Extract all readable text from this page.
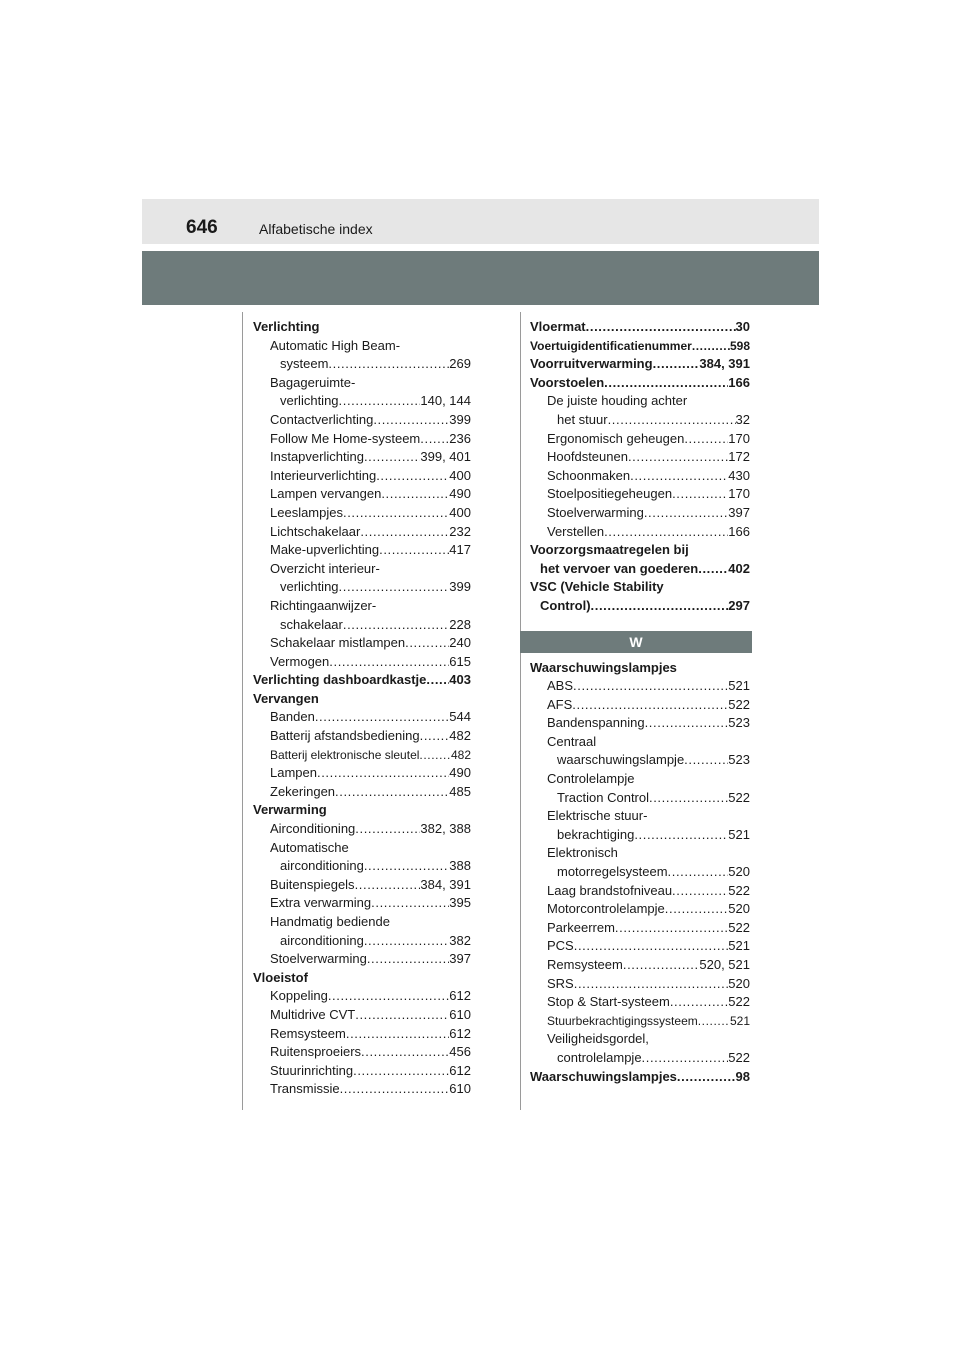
646	Alfabetische index
Verlichting
Automatic High Beam-
systeem .....	269
Bagageruimte-
verlichting .....	140, 144
Contactverlichting .....	399
Follow Me Home-systeem ..... 236
Instapverlichting .....	399, 401
Interieurverlichting .....	400
Lampen vervangen .....	490
Leeslampjes .....	400
Lichtschakelaar .....	232
Make-upverlichting .....	417
Overzicht interieur-
verlichting .....	399
Richtingaanwijzer-
schakelaar .....	228
Schakelaar mistlampen .....	240
Vermogen .....	615
Verlichting dashboardkastje ..... 403
Vervangen
Banden .....	544
Batterij afstandsbediening ..... 482
Batterij elektronische sleutel .....	482
Lampen .....	490
Zekeringen .....	485
Verwarming
Airconditioning .....	382, 388
Automatische
airconditioning .....	388
Buitenspiegels .....	384, 391
Extra verwarming .....	395
Handmatig bediende
airconditioning .....	382
Stoelverwarming .....	397
Vloeistof
Koppeling .....	612
Multidrive CVT .....	610
Remsysteem .....	612
Ruitensproeiers .....	456
Stuurinrichting .....	612
Transmissie .....	610
Vloermat .....	30
Voertuigidentificatienummer .....	598
Voorruitverwarming .....	384, 391
Voorstoelen .....	166
De juiste houding achter
het stuur .....	32
Ergonomisch geheugen .....	170
Hoofdsteunen .....	172
Schoonmaken .....	430
Stoelpositiegeheugen .....	170
Stoelverwarming .....	397
Verstellen .....	166
Voorzorgsmaatregelen bij
het vervoer van goederen ..... 402
VSC (Vehicle Stability
Control) .....	297
W
Waarschuwingslampjes
ABS .....	521
AFS .....	522
Bandenspanning .....	523
Centraal
waarschuwingslampje .....	523
Controlelampje
Traction Control .....	522
Elektrische stuur-
bekrachtiging .....	521
Elektronisch
motorregelsysteem .....	520
Laag brandstofniveau .....	522
Motorcontrolelampje .....	520
Parkeerrem .....	522
PCS .....	521
Remsysteem .....	520, 521
SRS .....	520
Stop & Start-systeem .....	522
Stuurbekrachtigingssysteem .....	521
Veiligheidsgordel,
controlelampje .....	522
Waarschuwingslampjes .....	98
